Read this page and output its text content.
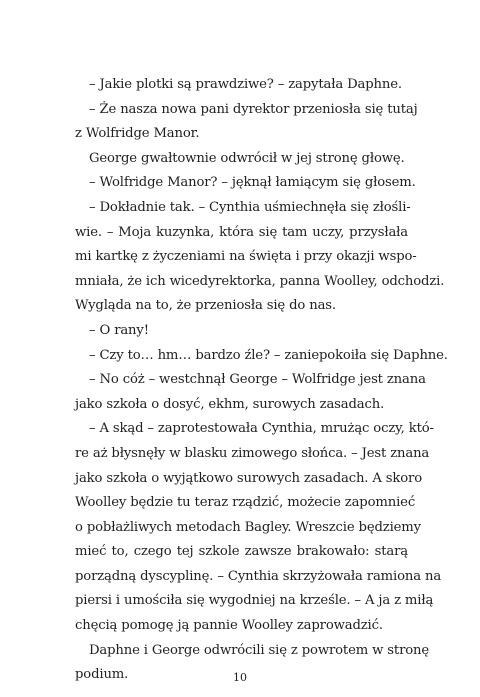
– Jakie plotki są prawdziwe? – zapytała Daphne.
– Że nasza nowa pani dyrektor przeniosła się tutaj
z Wolfridge Manor.
George gwałtownie odwrócił w jej stronę głowę.
– Wolfridge Manor? – jęknął łamiącym się głosem.
– Dokładnie tak. – Cynthia uśmiechnęła się złośli-
wie. – Moja kuzynka, która się tam uczy, przysłała
mi kartkę z życzeniami na święta i przy okazji wspo-
mniała, że ich wicedyrektorka, panna Woolley, odchodzi.
Wygląda na to, że przeniosła się do nas.
– O rany!
– Czy to… hm… bardzo źle? – zaniepokoiła się Daphne.
– No cóż – westchnął George – Wolfridge jest znana
jako szkoła o dosyć, ekhm, surowych zasadach.
– A skąd – zaprotestowała Cynthia, mrużąc oczy, któ-
re aż błysnęły w blasku zimowego słońca. – Jest znana
jako szkoła o wyjątkowo surowych zasadach. A skoro
Woolley będzie tu teraz rządzić, możecie zapomnieć
o pobłażliwych metodach Bagley. Wreszcie będziemy
mieć to, czego tej szkole zawsze brakowało: starą
porządną dyscyplinę. – Cynthia skrzyżowała ramiona na
piersi i umościła się wygodniej na krześle. – A ja z miłą
chęcią pomogę ją pannie Woolley zaprowadzić.
Daphne i George odwrócili się z powrotem w stronę
podium.	10
